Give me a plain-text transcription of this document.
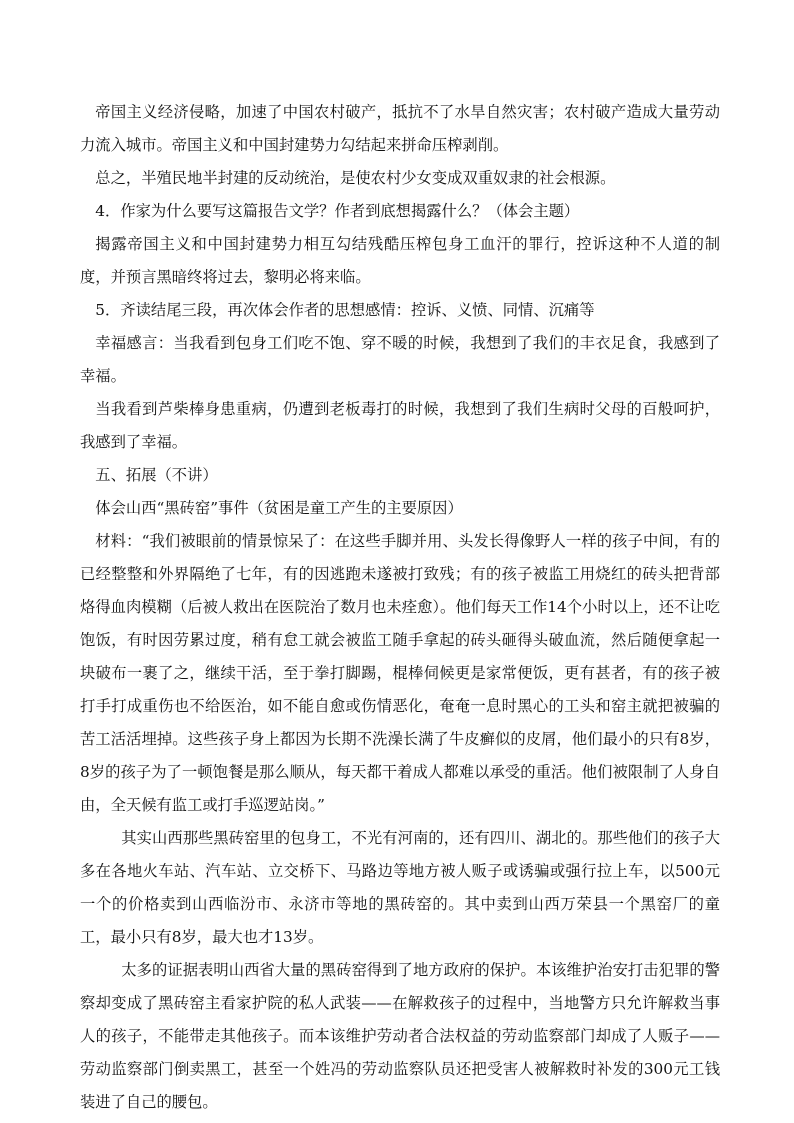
帝国主义经济侵略，加速了中国农村破产，抵抗不了水旱自然灾害；农村破产造成大量劳动力流入城市。帝国主义和中国封建势力勾结起来拼命压榨剥削。

总之，半殖民地半封建的反动统治，是使农村少女变成双重奴隶的社会根源。

4．作家为什么要写这篇报告文学？作者到底想揭露什么？（体会主题）

揭露帝国主义和中国封建势力相互勾结残酷压榨包身工血汗的罪行，控诉这种不人道的制度，并预言黑暗终将过去，黎明必将来临。

5．齐读结尾三段，再次体会作者的思想感情：控诉、义愤、同情、沉痛等

幸福感言：当我看到包身工们吃不饱、穿不暖的时候，我想到了我们的丰衣足食，我感到了幸福。

当我看到芦柴棒身患重病，仍遭到老板毒打的时候，我想到了我们生病时父母的百般呵护，我感到了幸福。

五、拓展（不讲）

体会山西“黑砖窑”事件（贫困是童工产生的主要原因）

材料：“我们被眼前的情景惊呆了：在这些手脚并用、头发长得像野人一样的孩子中间，有的已经整整和外界隔绝了七年，有的因逃跑未遂被打致残；有的孩子被监工用烧红的砖头把背部烙得血肉模糊（后被人救出在医院治了数月也未痊愈）。他们每天工作14个小时以上，还不让吃饱饭，有时因劳累过度，稍有怠工就会被监工随手拿起的砖头砸得头破血流，然后随便拿起一块破布一裹了之，继续干活，至于拳打脚踢，棍棒伺候更是家常便饭，更有甚者，有的孩子被打手打成重伤也不给医治，如不能自愈或伤情恶化，奄奄一息时黑心的工头和窑主就把被骗的苦工活活埋掉。这些孩子身上都因为长期不洗澡长满了牛皮癣似的皮屑，他们最小的只有8岁，8岁的孩子为了一顿饱餐是那么顺从，每天都干着成人都难以承受的重活。他们被限制了人身自由，全天候有监工或打手巡逻站岗。”

其实山西那些黑砖窑里的包身工，不光有河南的，还有四川、湖北的。那些他们的孩子大多在各地火车站、汽车站、立交桥下、马路边等地方被人贩子或诱骗或强行拉上车，以500元一个的价格卖到山西临汾市、永济市等地的黑砖窑的。其中卖到山西万荣县一个黑窑厂的童工，最小只有8岁，最大也才13岁。

太多的证据表明山西省大量的黑砖窑得到了地方政府的保护。本该维护治安打击犯罪的警察却变成了黑砖窑主看家护院的私人武装——在解救孩子的过程中，当地警方只允许解救当事人的孩子，不能带走其他孩子。而本该维护劳动者合法权益的劳动监察部门却成了人贩子——劳动监察部门倒卖黑工，甚至一个姓冯的劳动监察队员还把受害人被解救时补发的300元工钱装进了自己的腰包。
